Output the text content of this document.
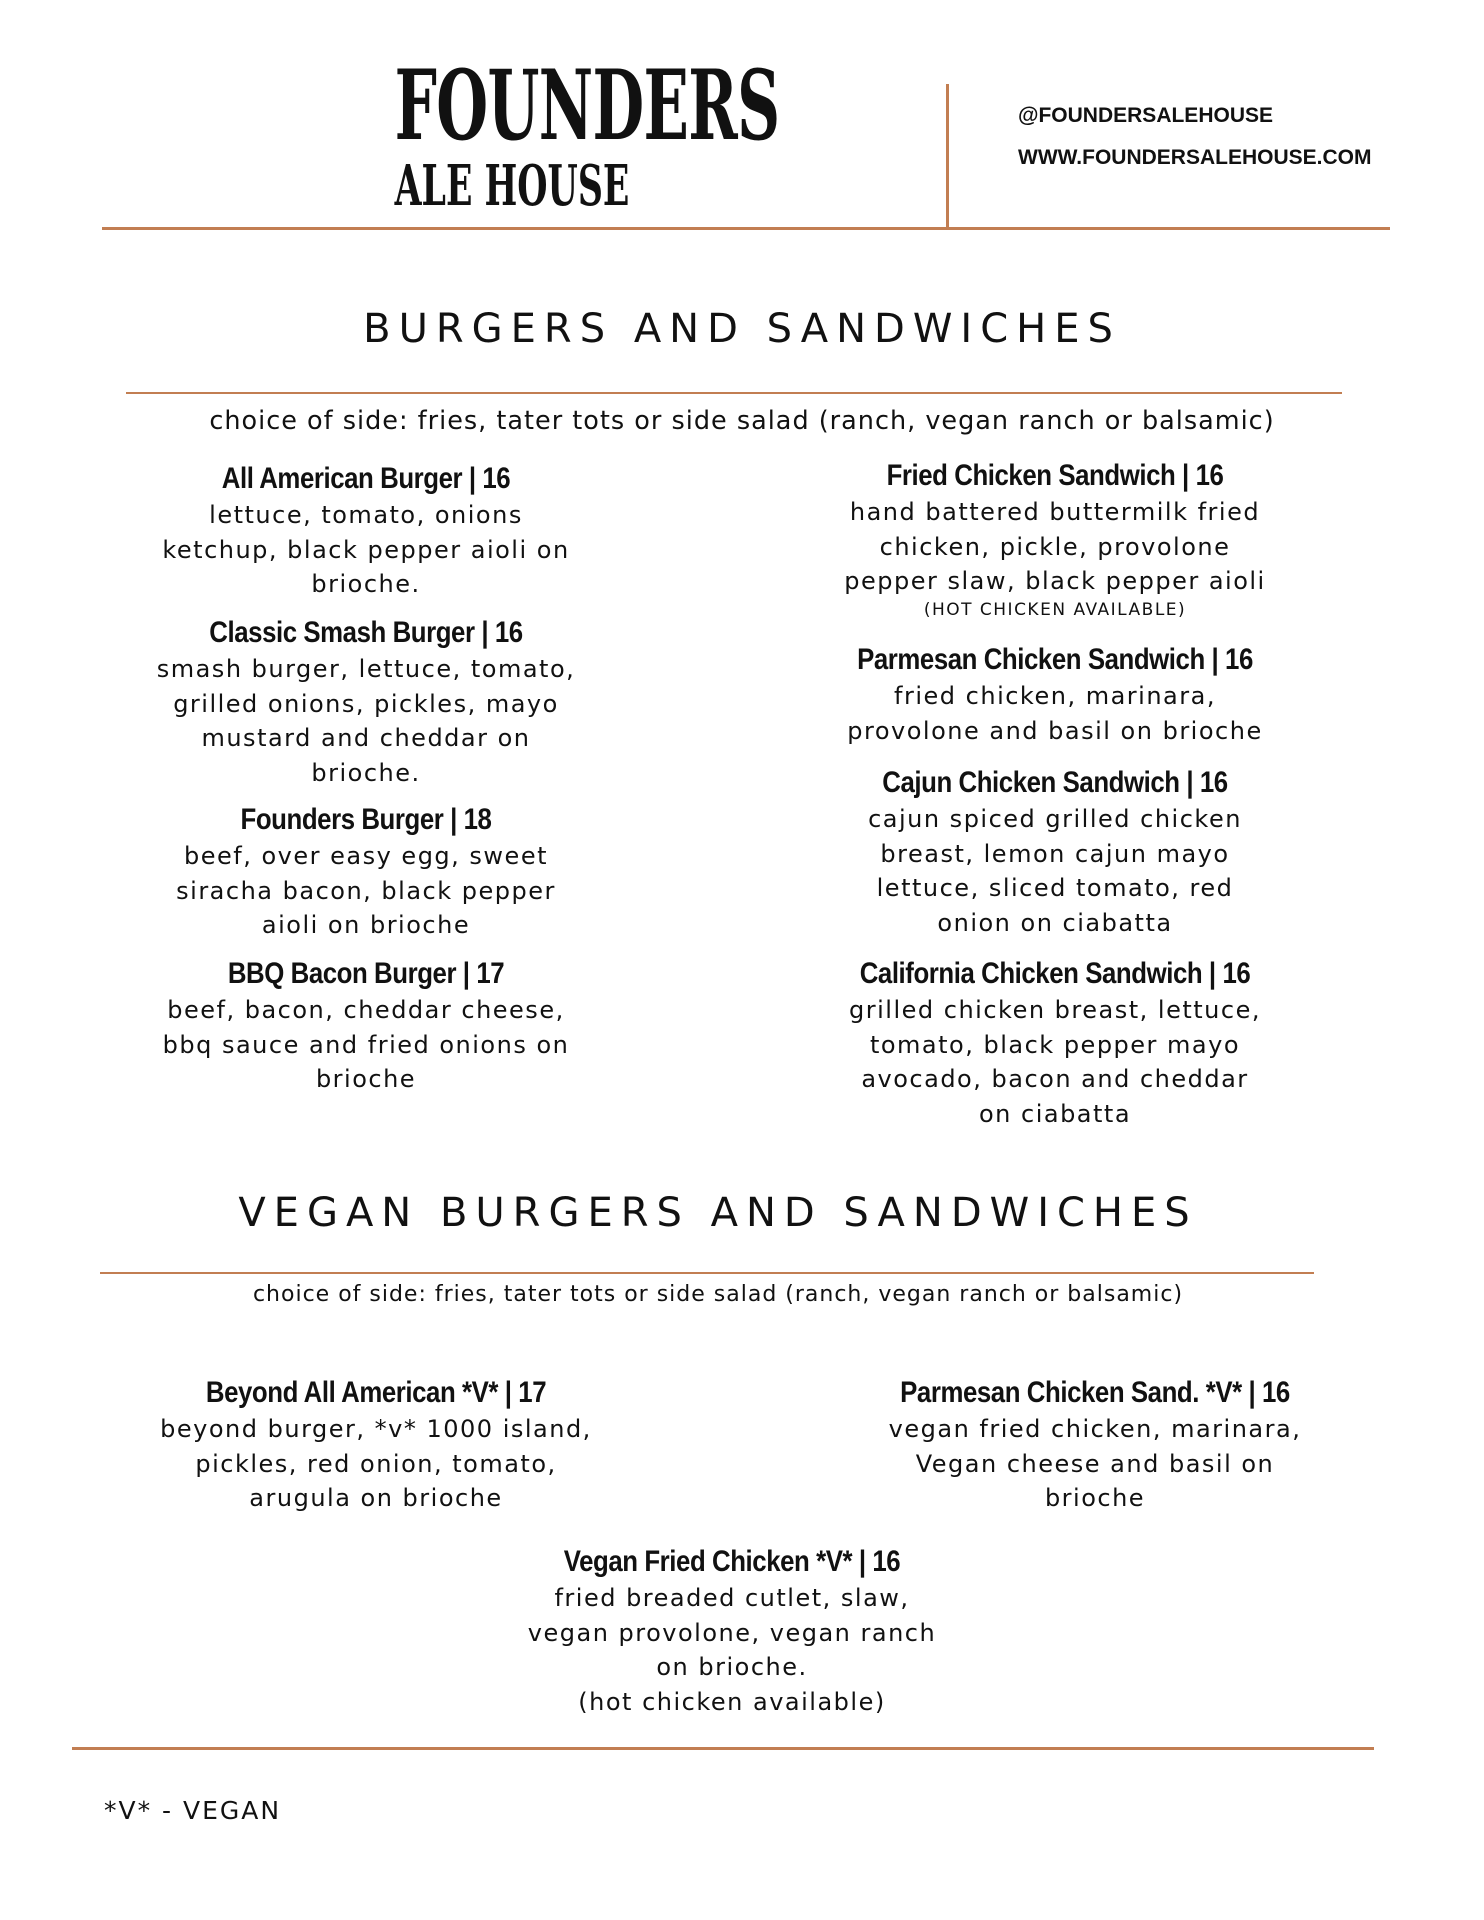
FOUNDERS
ALE HOUSE
@FOUNDERSALEHOUSE
WWW.FOUNDERSALEHOUSE.COM
BURGERS AND SANDWICHES
choice of side: fries, tater tots or side salad (ranch, vegan ranch or balsamic)
All American Burger | 16
lettuce, tomato, onions
ketchup, black pepper aioli on
brioche.
Classic Smash Burger | 16
smash burger, lettuce, tomato,
grilled onions, pickles, mayo
mustard and cheddar on
brioche.
Founders Burger | 18
beef, over easy egg, sweet
siracha bacon, black pepper
aioli on brioche
BBQ Bacon Burger | 17
beef, bacon, cheddar cheese,
bbq sauce and fried onions on
brioche
Fried Chicken Sandwich | 16
hand battered buttermilk fried
chicken, pickle, provolone
pepper slaw, black pepper aioli
(HOT CHICKEN AVAILABLE)
Parmesan Chicken Sandwich | 16
fried chicken, marinara,
provolone and basil on brioche
Cajun Chicken Sandwich | 16
cajun spiced grilled chicken
breast, lemon cajun mayo
lettuce, sliced tomato, red
onion on ciabatta
California Chicken Sandwich | 16
grilled chicken breast, lettuce,
tomato, black pepper mayo
avocado, bacon and cheddar
on ciabatta
VEGAN BURGERS AND SANDWICHES
choice of side: fries, tater tots or side salad (ranch, vegan ranch or balsamic)
Beyond All American *V* | 17
beyond burger, *v* 1000 island,
pickles, red onion, tomato,
arugula on brioche
Parmesan Chicken Sand. *V* | 16
vegan fried chicken, marinara,
Vegan cheese and basil on
brioche
Vegan Fried Chicken *V* | 16
fried breaded cutlet, slaw,
vegan provolone, vegan ranch
on brioche.
(hot chicken available)
*V* - VEGAN
